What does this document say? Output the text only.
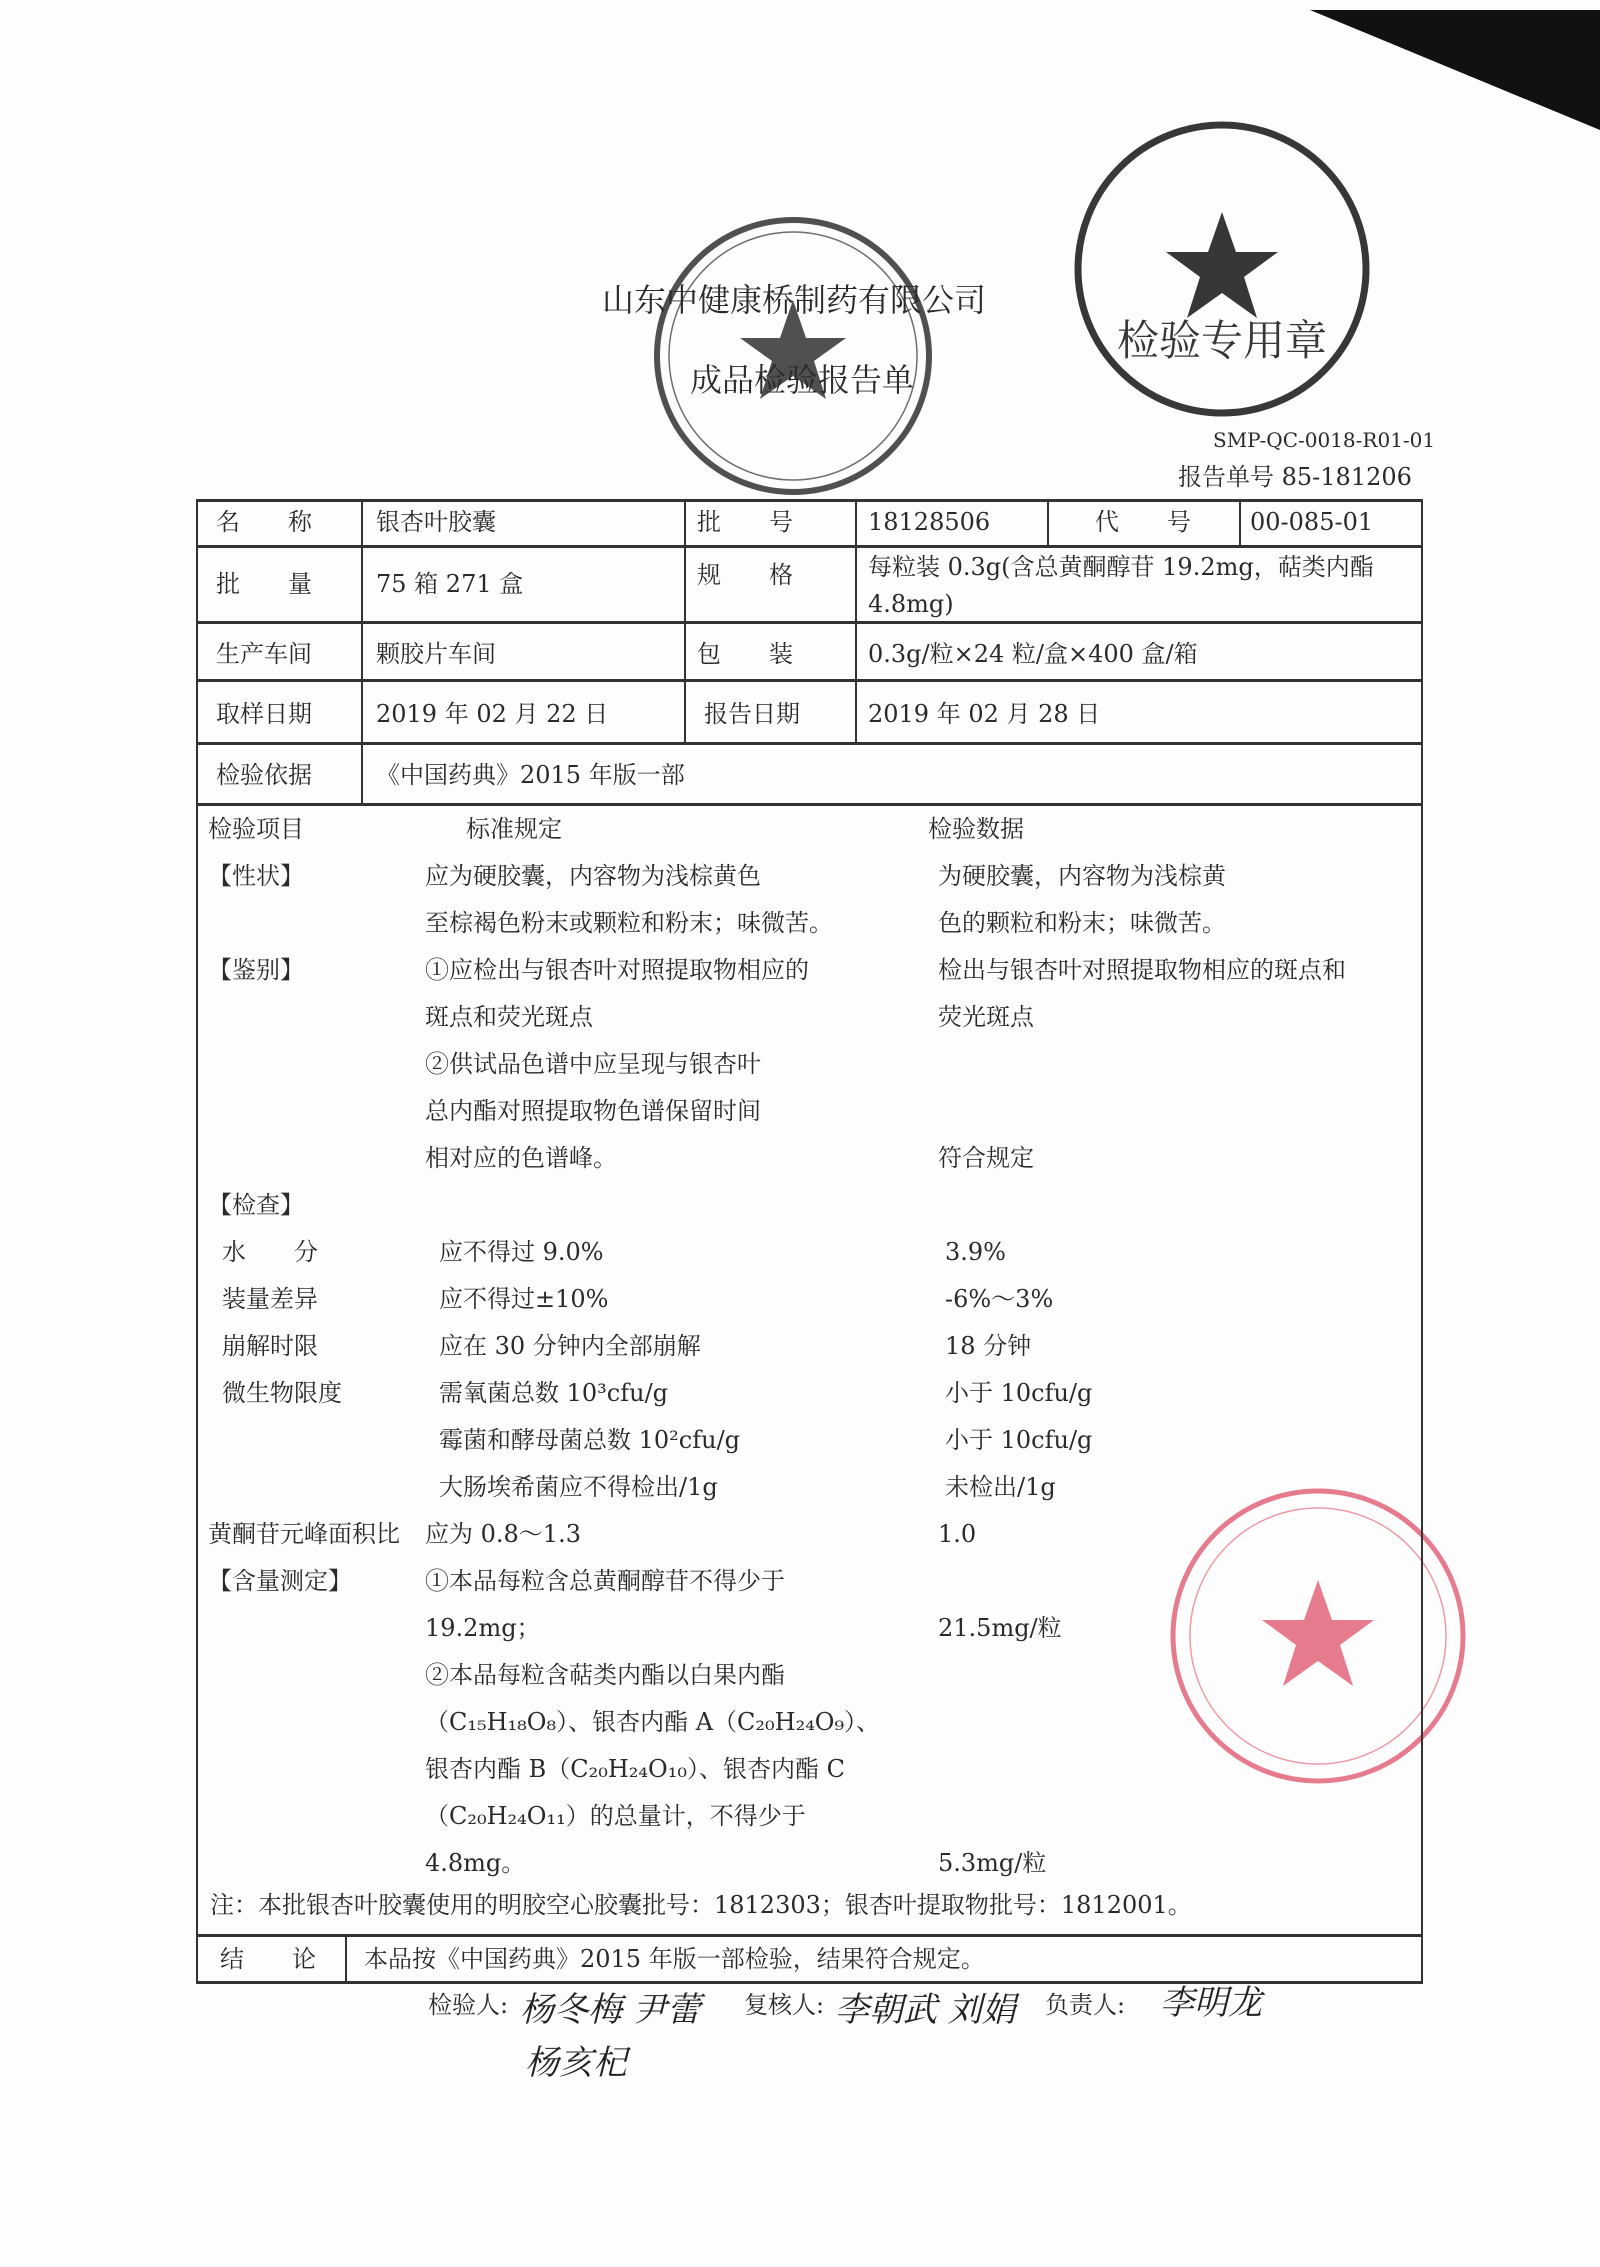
检验专用章
山东中健康桥制药有限公司
成品检验报告单
SMP-QC-0018-R01-01
报告单号 85-181206
名　　称	银杏叶胶囊	批　　号	18128506	代　　号 00-085-01
批　　量	75 箱 271 盒	规　　格	每粒装 0.3g(含总黄酮醇苷 19.2mg，萜类内酯
4.8mg)
生产车间	颗胶片车间	包　　装	0.3g/粒×24 粒/盒×400 盒/箱
取样日期	2019 年 02 月 22 日	报告日期	2019 年 02 月 28 日
检验依据	《中国药典》2015 年版一部
检验项目	标准规定	检验数据
【性状】	应为硬胶囊，内容物为浅棕黄色	为硬胶囊，内容物为浅棕黄
至棕褐色粉末或颗粒和粉末；味微苦。	色的颗粒和粉末；味微苦。
【鉴别】	①应检出与银杏叶对照提取物相应的	检出与银杏叶对照提取物相应的斑点和
斑点和荧光斑点	荧光斑点
②供试品色谱中应呈现与银杏叶
总内酯对照提取物色谱保留时间
相对应的色谱峰。	符合规定
【检查】
水　　分	应不得过 9.0%	3.9%
装量差异	应不得过±10%	-6%～3%
崩解时限	应在 30 分钟内全部崩解	18 分钟
微生物限度	需氧菌总数 10³cfu/g	小于 10cfu/g
霉菌和酵母菌总数 10²cfu/g	小于 10cfu/g
大肠埃希菌应不得检出/1g	未检出/1g
黄酮苷元峰面积比 应为 0.8～1.3	1.0
【含量测定】	①本品每粒含总黄酮醇苷不得少于
19.2mg；	21.5mg/粒
②本品每粒含萜类内酯以白果内酯
（C₁₅H₁₈O₈）、银杏内酯 A（C₂₀H₂₄O₉）、
银杏内酯 B（C₂₀H₂₄O₁₀）、银杏内酯 C
（C₂₀H₂₄O₁₁）的总量计，不得少于
4.8mg。	5.3mg/粒
注：本批银杏叶胶囊使用的明胶空心胶囊批号：1812303；银杏叶提取物批号：1812001。
结　　论 本品按《中国药典》2015 年版一部检验，结果符合规定。
检验人: 杨冬梅 尹蕾
杨亥杞
复核人: 李朝武 刘娟 负责人: 李明龙
